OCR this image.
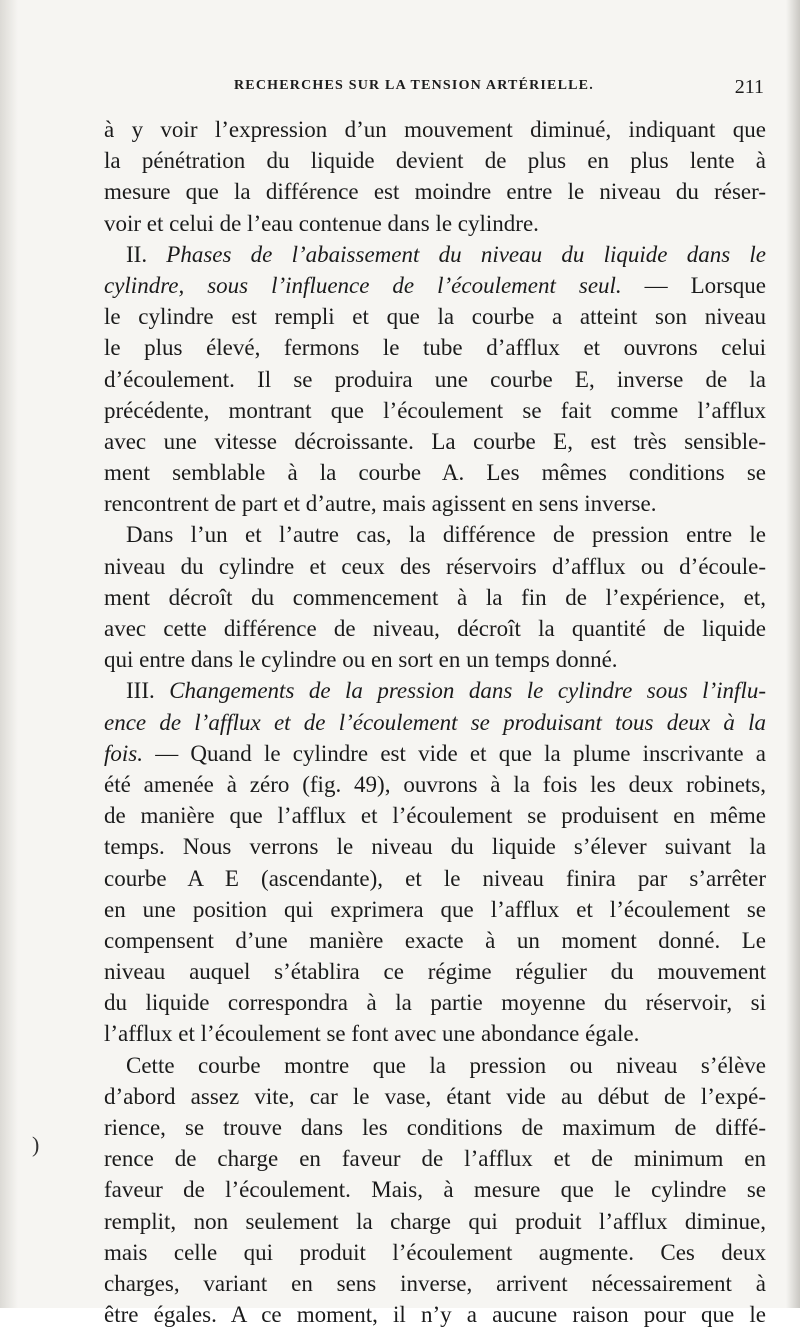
RECHERCHES SUR LA TENSION ARTÉRIELLE.	211
à y voir l’expression d’un mouvement diminué, indiquant que
la pénétration du liquide devient de plus en plus lente à
mesure que la différence est moindre entre le niveau du réser-
voir et celui de l’eau contenue dans le cylindre.
II. Phases de l’abaissement du niveau du liquide dans le
cylindre, sous l’influence de l’écoulement seul. — Lorsque
le cylindre est rempli et que la courbe a atteint son niveau
le plus élevé, fermons le tube d’afflux et ouvrons celui
d’écoulement. Il se produira une courbe E, inverse de la
précédente, montrant que l’écoulement se fait comme l’afflux
avec une vitesse décroissante. La courbe E, est très sensible-
ment semblable à la courbe A. Les mêmes conditions se
rencontrent de part et d’autre, mais agissent en sens inverse.
Dans l’un et l’autre cas, la différence de pression entre le
niveau du cylindre et ceux des réservoirs d’afflux ou d’écoule-
ment décroît du commencement à la fin de l’expérience, et,
avec cette différence de niveau, décroît la quantité de liquide
qui entre dans le cylindre ou en sort en un temps donné.
III. Changements de la pression dans le cylindre sous l’influ-
ence de l’afflux et de l’écoulement se produisant tous deux à la
fois. — Quand le cylindre est vide et que la plume inscrivante a
été amenée à zéro (fig. 49), ouvrons à la fois les deux robinets,
de manière que l’afflux et l’écoulement se produisent en même
temps. Nous verrons le niveau du liquide s’élever suivant la
courbe A E (ascendante), et le niveau finira par s’arrêter
en une position qui exprimera que l’afflux et l’écoulement se
compensent d’une manière exacte à un moment donné. Le
niveau auquel s’établira ce régime régulier du mouvement
du liquide correspondra à la partie moyenne du réservoir, si
l’afflux et l’écoulement se font avec une abondance égale.
Cette courbe montre que la pression ou niveau s’élève
d’abord assez vite, car le vase, étant vide au début de l’expé-
rience, se trouve dans les conditions de maximum de diffé-
rence de charge en faveur de l’afflux et de minimum en
faveur de l’écoulement. Mais, à mesure que le cylindre se
remplit, non seulement la charge qui produit l’afflux diminue,
mais celle qui produit l’écoulement augmente. Ces deux
charges, variant en sens inverse, arrivent nécessairement à
être égales. A ce moment, il n’y a aucune raison pour que le
)
